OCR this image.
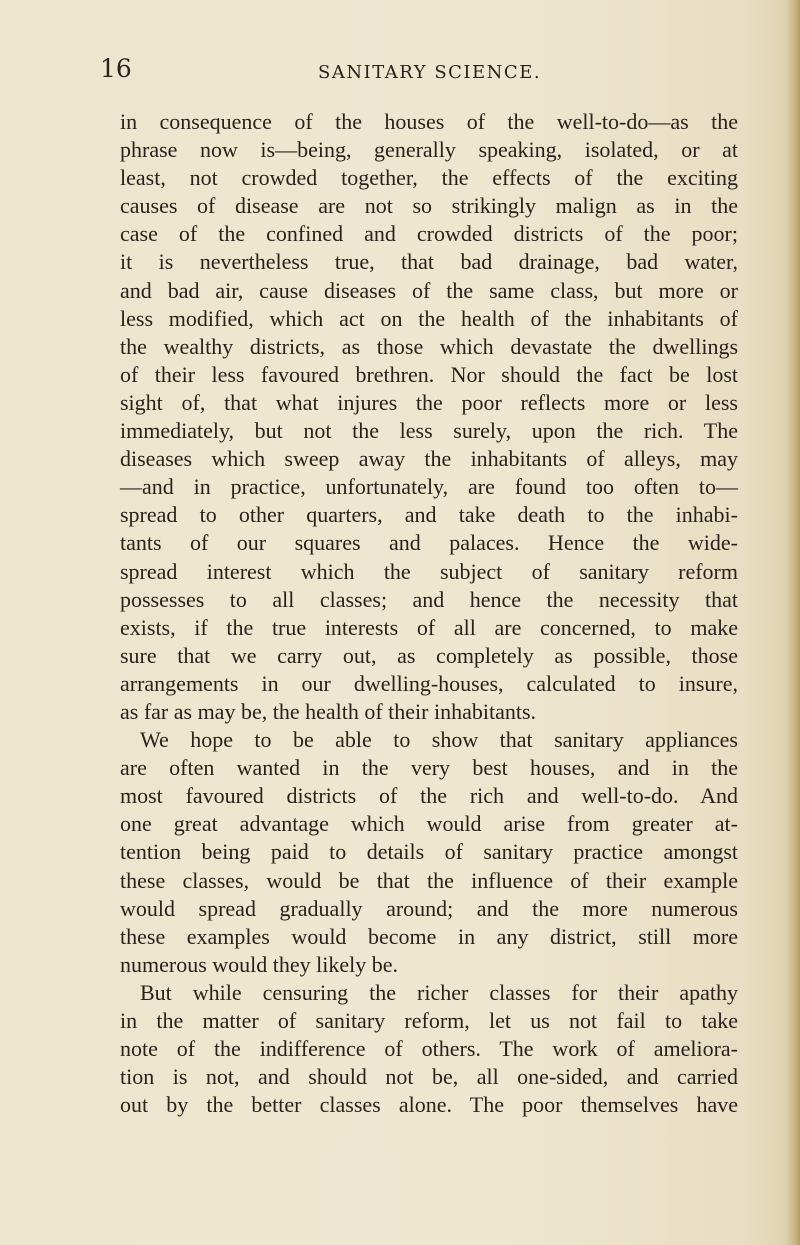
16	SANITARY SCIENCE.
in consequence of the houses of the well-to-do—as the
phrase now is—being, generally speaking, isolated, or at
least, not crowded together, the effects of the exciting
causes of disease are not so strikingly malign as in the
case of the confined and crowded districts of the poor;
it is nevertheless true, that bad drainage, bad water,
and bad air, cause diseases of the same class, but more or
less modified, which act on the health of the inhabitants of
the wealthy districts, as those which devastate the dwellings
of their less favoured brethren. Nor should the fact be lost
sight of, that what injures the poor reflects more or less
immediately, but not the less surely, upon the rich. The
diseases which sweep away the inhabitants of alleys, may
—and in practice, unfortunately, are found too often to—
spread to other quarters, and take death to the inhabi-
tants of our squares and palaces. Hence the wide-
spread interest which the subject of sanitary reform
possesses to all classes; and hence the necessity that
exists, if the true interests of all are concerned, to make
sure that we carry out, as completely as possible, those
arrangements in our dwelling-houses, calculated to insure,
as far as may be, the health of their inhabitants.
We hope to be able to show that sanitary appliances
are often wanted in the very best houses, and in the
most favoured districts of the rich and well-to-do. And
one great advantage which would arise from greater at-
tention being paid to details of sanitary practice amongst
these classes, would be that the influence of their example
would spread gradually around; and the more numerous
these examples would become in any district, still more
numerous would they likely be.
But while censuring the richer classes for their apathy
in the matter of sanitary reform, let us not fail to take
note of the indifference of others. The work of ameliora-
tion is not, and should not be, all one-sided, and carried
out by the better classes alone. The poor themselves have
